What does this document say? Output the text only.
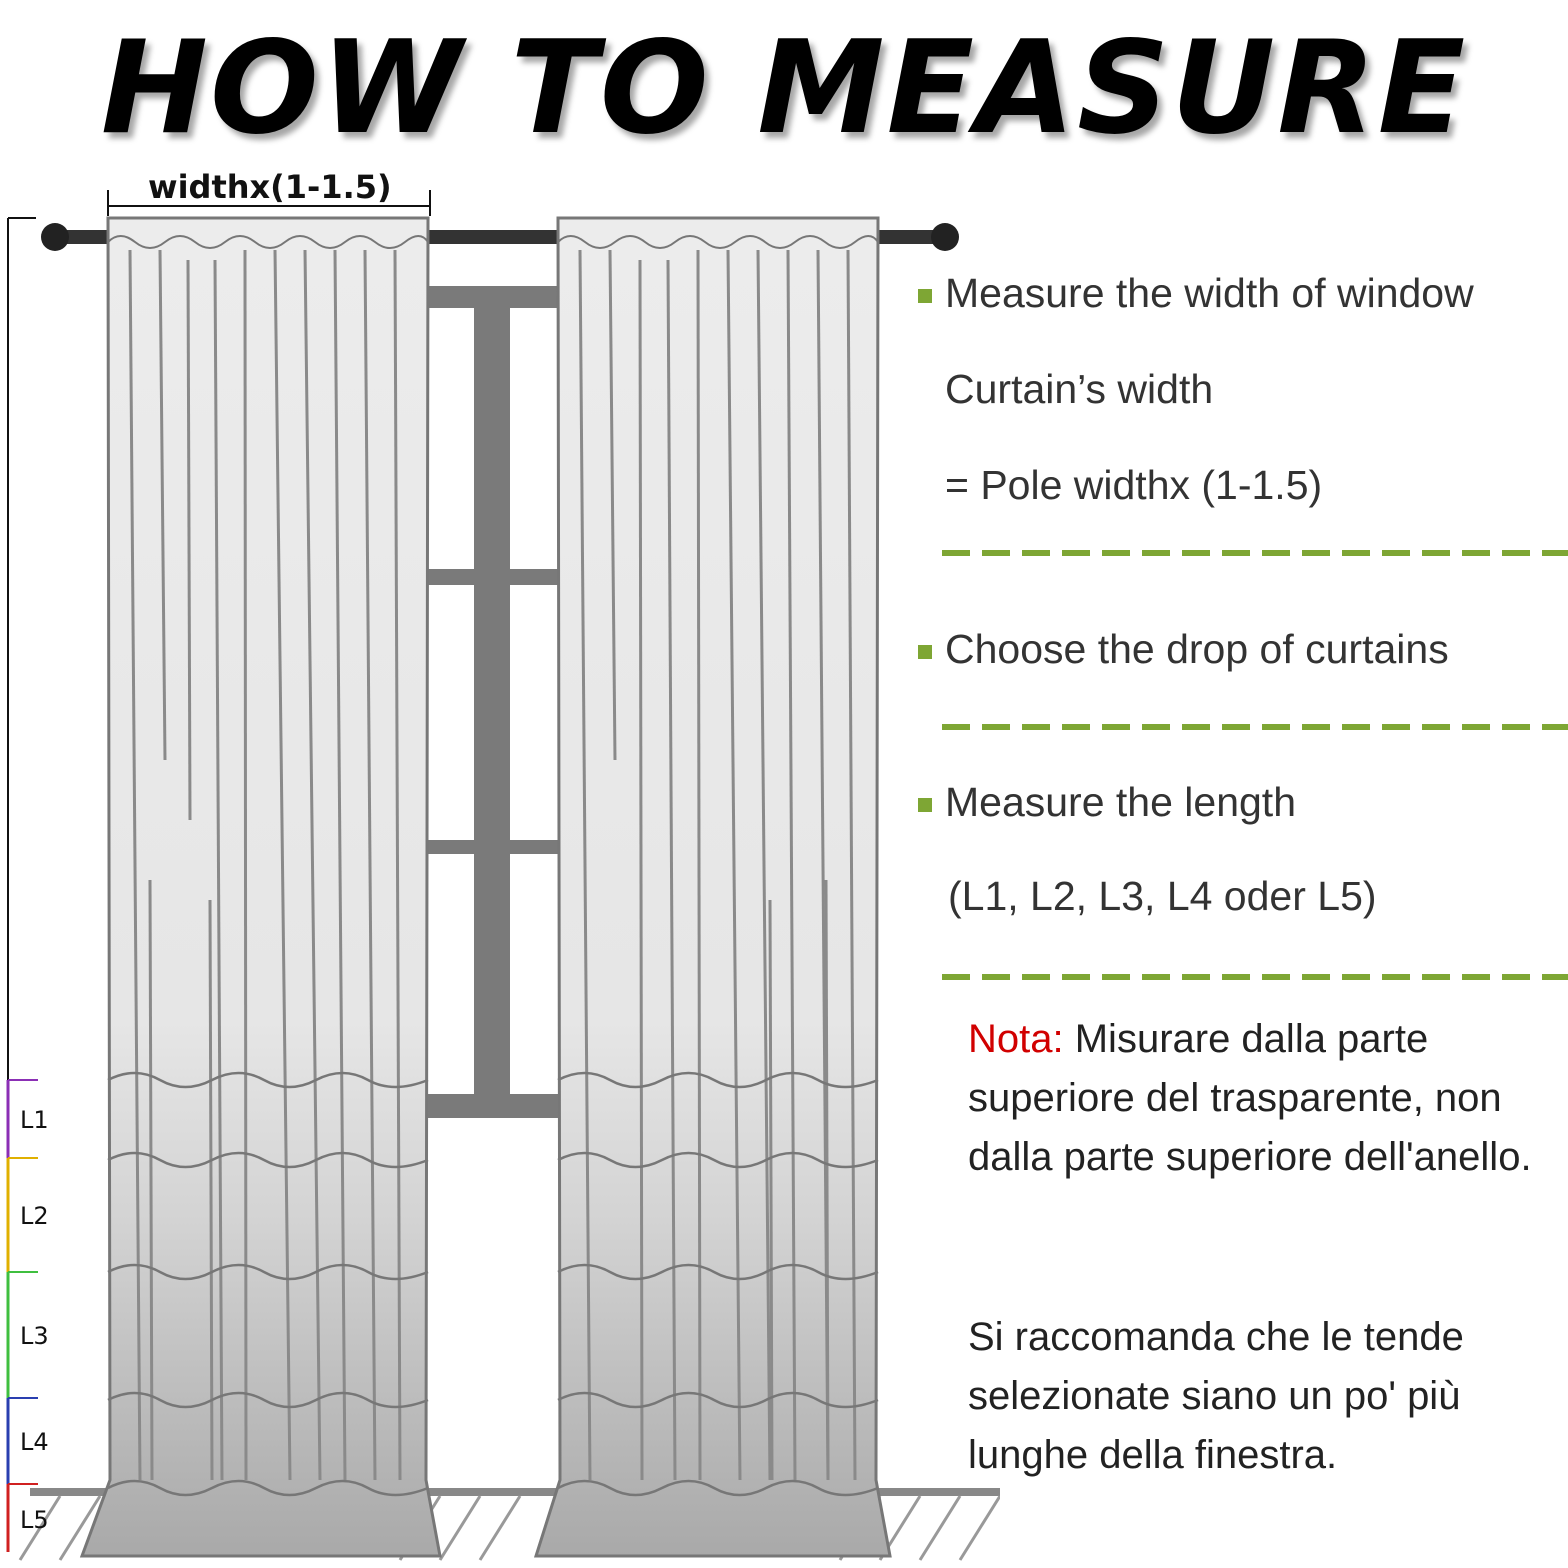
HOW TO MEASURE
widthx(1-1.5)
L1
L2
L3
L4
L5
Measure the width of window
Curtain’s width
= Pole widthx (1-1.5)
Choose the drop of curtains
Measure the length
(L1, L2, L3, L4 oder L5)
Nota: Misurare dalla parte superiore del trasparente, non dalla parte superiore dell'anello.
Si raccomanda che le tende selezionate siano un po' più lunghe della finestra.
